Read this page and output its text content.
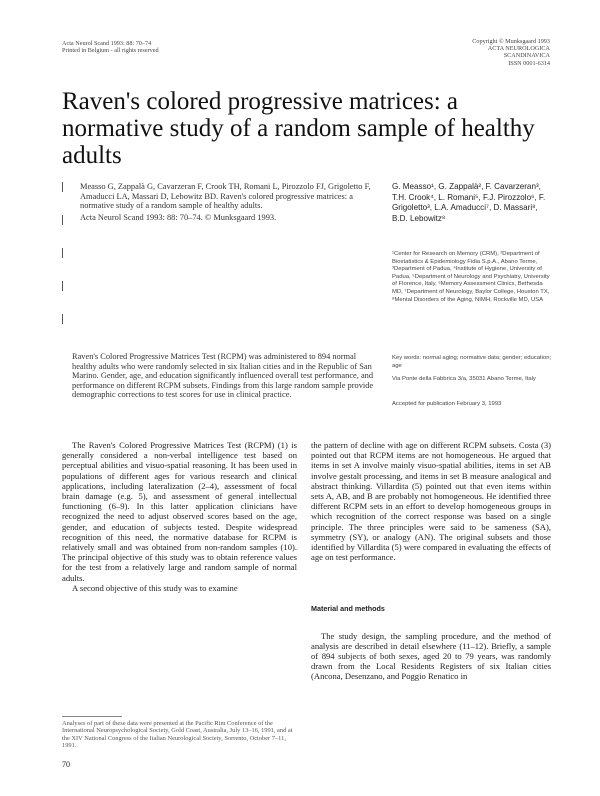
Acta Neurol Scand 1993: 88: 70–74
Printed in Belgium - all rights reserved
Copyright © Munksgaard 1993
ACTA NEUROLOGICA
SCANDINAVICA
ISSN 0001-6314
Raven's colored progressive matrices: a normative study of a random sample of healthy adults
Measso G, Zappalà G, Cavarzeran F, Crook TH, Romani L, Pirozzolo FJ, Grigoletto F, Amaducci LA, Massari D, Lebowitz BD. Raven's colored progressive matrices: a normative study of a random sample of healthy adults.
Acta Neurol Scand 1993: 88: 70–74. © Munksgaard 1993.
Raven's Colored Progressive Matrices Test (RCPM) was administered to 894 normal healthy adults who were randomly selected in six Italian cities and in the Republic of San Marino. Gender, age, and education significantly influenced overall test performance, and performance on different RCPM subsets. Findings from this large random sample provide demographic corrections to test scores for use in clinical practice.
G. Measso¹, G. Zappalà², F. Cavarzeran³, T.H. Crook⁴, L. Romani⁵, F.J. Pirozzolo⁶, F. Grigoletto³, L.A. Amaducci⁷, D. Massari⁸, B.D. Lebowitz⁸
¹Center for Research on Memory (CRM), ²Department of Biostatistics & Epidemiology Fidia S.p.A., Abano Terme, ³Department of Padua, ⁴Institute of Hygiene, University of Padua, ⁵Department of Neurology and Psychiatry, University of Florence, Italy, ⁶Memory Assessment Clinics, Bethesda MD, ⁷Department of Neurology, Baylor College, Houston TX, ⁸Mental Disorders of the Aging, NIMH, Rockville MD, USA
Key words: normal aging; normative data; gender; education; age
Via Ponte della Fabbrica 3/a, 35031 Abano Terme, Italy
Accepted for publication February 3, 1993

The Raven's Colored Progressive Matrices Test (RCPM) (1) is generally considered a non-verbal intelligence test based on perceptual abilities and visuo-spatial reasoning. It has been used in populations of different ages for various research and clinical applications, including lateralization (2–4), assessment of focal brain damage (e.g. 5), and assessment of general intellectual functioning (6–9). In this latter application clinicians have recognized the need to adjust observed scores based on the age, gender, and education of subjects tested. Despite widespread recognition of this need, the normative database for RCPM is relatively small and was obtained from non-random samples (10). The principal objective of this study was to obtain reference values for the test from a relatively large and random sample of normal adults.

A second objective of this study was to examine

the pattern of decline with age on different RCPM subsets. Costa (3) pointed out that RCPM items are not homogeneous. He argued that items in set A involve mainly visuo-spatial abilities, items in set AB involve gestalt processing, and items in set B measure analogical and abstract thinking. Villardita (5) pointed out that even items within sets A, AB, and B are probably not homogeneous. He identified three different RCPM sets in an effort to develop homogeneous groups in which recognition of the correct response was based on a single principle. The three principles were said to be sameness (SA), symmetry (SY), or analogy (AN). The original subsets and those identified by Villardita (5) were compared in evaluating the effects of age on test performance.

Material and methods

The study design, the sampling procedure, and the method of analysis are described in detail elsewhere (11–12). Briefly, a sample of 894 subjects of both sexes, aged 20 to 79 years, was randomly drawn from the Local Residents Registers of six Italian cities (Ancona, Desenzano, and Poggio Renatico in

Analyses of part of these data were presented at the Pacific Rim Conference of the International Neuropsychological Society, Gold Coast, Australia, July 13–16, 1991, and at the XIV National Congress of the Italian Neurological Society, Sorrento, October 7–11, 1991.
70
